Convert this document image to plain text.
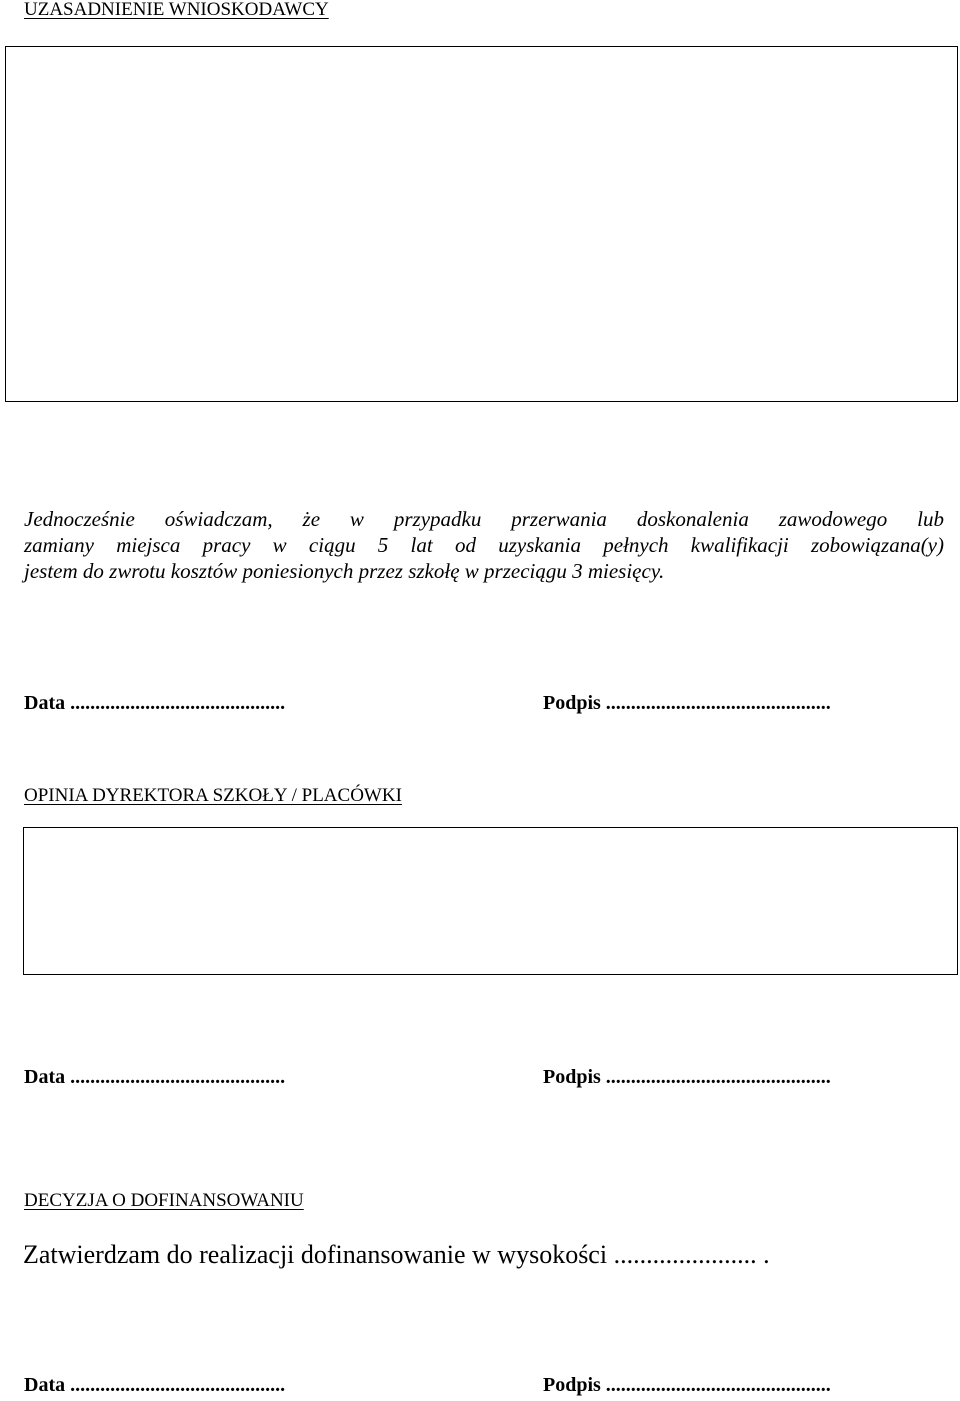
UZASADNIENIE WNIOSKODAWCY
Jednocześnie oświadczam, że w przypadku przerwania doskonalenia zawodowego lub
zamiany miejsca pracy w ciągu 5 lat od uzyskania pełnych kwalifikacji zobowiązana(y)
jestem do zwrotu kosztów poniesionych przez szkołę w przeciągu 3 miesięcy.
Data ...........................................	Podpis .............................................
OPINIA DYREKTORA SZKOŁY / PLACÓWKI
Data ...........................................	Podpis .............................................
DECYZJA O DOFINANSOWANIU
Zatwierdzam do realizacji dofinansowanie w wysokości ...................... .
Data ...........................................	Podpis .............................................
